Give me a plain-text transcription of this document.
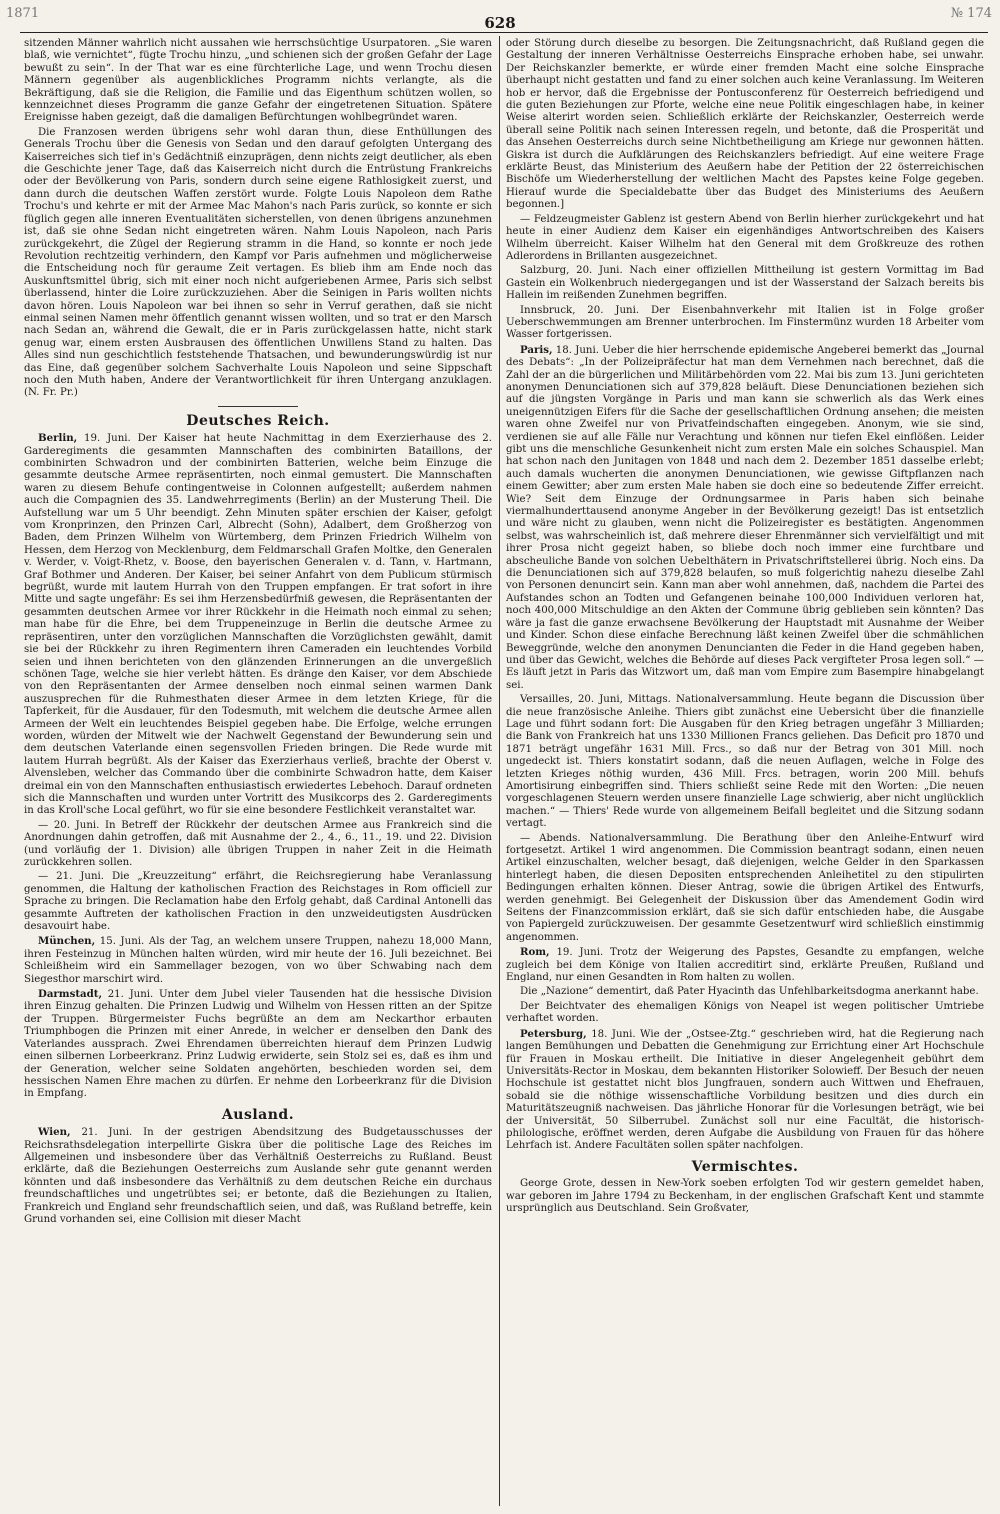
1871
628
№ 174

sitzenden Männer wahrlich nicht aussahen wie herrschsüchtige Usurpatoren. „Sie waren blaß, wie vernichtet“, fügte Trochu hinzu, „und schienen sich der großen Gefahr der Lage bewußt zu sein“. In der That war es eine fürchterliche Lage, und wenn Trochu diesen Männern gegenüber als augenblickliches Programm nichts verlangte, als die Bekräftigung, daß sie die Religion, die Familie und das Eigenthum schützen wollen, so kennzeichnet dieses Programm die ganze Gefahr der eingetretenen Situation. Spätere Ereignisse haben gezeigt, daß die damaligen Befürchtungen wohlbegründet waren.

Die Franzosen werden übrigens sehr wohl daran thun, diese Enthüllungen des Generals Trochu über die Genesis von Sedan und den darauf gefolgten Untergang des Kaiserreiches sich tief in's Gedächtniß einzuprägen, denn nichts zeigt deutlicher, als eben die Geschichte jener Tage, daß das Kaiserreich nicht durch die Entrüstung Frankreichs oder der Bevölkerung von Paris, sondern durch seine eigene Rathlosigkeit zuerst, und dann durch die deutschen Waffen zerstört wurde. Folgte Louis Napoleon dem Rathe Trochu's und kehrte er mit der Armee Mac Mahon's nach Paris zurück, so konnte er sich füglich gegen alle inneren Eventualitäten sicherstellen, von denen übrigens anzunehmen ist, daß sie ohne Sedan nicht eingetreten wären. Nahm Louis Napoleon, nach Paris zurückgekehrt, die Zügel der Regierung stramm in die Hand, so konnte er noch jede Revolution rechtzeitig verhindern, den Kampf vor Paris aufnehmen und möglicherweise die Entscheidung noch für geraume Zeit vertagen. Es blieb ihm am Ende noch das Auskunftsmittel übrig, sich mit einer noch nicht aufgeriebenen Armee, Paris sich selbst überlassend, hinter die Loire zurückzuziehen. Aber die Seinigen in Paris wollten nichts davon hören. Louis Napoleon war bei ihnen so sehr in Verruf gerathen, daß sie nicht einmal seinen Namen mehr öffentlich genannt wissen wollten, und so trat er den Marsch nach Sedan an, während die Gewalt, die er in Paris zurückgelassen hatte, nicht stark genug war, einem ersten Ausbrausen des öffentlichen Unwillens Stand zu halten. Das Alles sind nun geschichtlich feststehende Thatsachen, und bewunderungswürdig ist nur das Eine, daß gegenüber solchem Sachverhalte Louis Napoleon und seine Sippschaft noch den Muth haben, Andere der Verantwortlichkeit für ihren Untergang anzuklagen. (N. Fr. Pr.)

Deutsches Reich.

Berlin, 19. Juni. Der Kaiser hat heute Nachmittag in dem Exerzierhause des 2. Garderegiments die gesammten Mannschaften des combinirten Bataillons, der combinirten Schwadron und der combinirten Batterien, welche beim Einzuge die gesammte deutsche Armee repräsentirten, noch einmal gemustert. Die Mannschaften waren zu diesem Behufe contingentweise in Colonnen aufgestellt; außerdem nahmen auch die Compagnien des 35. Landwehrregiments (Berlin) an der Musterung Theil. Die Aufstellung war um 5 Uhr beendigt. Zehn Minuten später erschien der Kaiser, gefolgt vom Kronprinzen, den Prinzen Carl, Albrecht (Sohn), Adalbert, dem Großherzog von Baden, dem Prinzen Wilhelm von Würtemberg, dem Prinzen Friedrich Wilhelm von Hessen, dem Herzog von Mecklenburg, dem Feldmarschall Grafen Moltke, den Generalen v. Werder, v. Voigt-Rhetz, v. Boose, den bayerischen Generalen v. d. Tann, v. Hartmann, Graf Bothmer und Anderen. Der Kaiser, bei seiner Anfahrt von dem Publicum stürmisch begrüßt, wurde mit lautem Hurrah von den Truppen empfangen. Er trat sofort in ihre Mitte und sagte ungefähr: Es sei ihm Herzensbedürfniß gewesen, die Repräsentanten der gesammten deutschen Armee vor ihrer Rückkehr in die Heimath noch einmal zu sehen; man habe für die Ehre, bei dem Truppeneinzuge in Berlin die deutsche Armee zu repräsentiren, unter den vorzüglichen Mannschaften die Vorzüglichsten gewählt, damit sie bei der Rückkehr zu ihren Regimentern ihren Cameraden ein leuchtendes Vorbild seien und ihnen berichteten von den glänzenden Erinnerungen an die unvergeßlich schönen Tage, welche sie hier verlebt hätten. Es dränge den Kaiser, vor dem Abschiede von den Repräsentanten der Armee denselben noch einmal seinen warmen Dank auszusprechen für die Ruhmesthaten dieser Armee in dem letzten Kriege, für die Tapferkeit, für die Ausdauer, für den Todesmuth, mit welchem die deutsche Armee allen Armeen der Welt ein leuchtendes Beispiel gegeben habe. Die Erfolge, welche errungen worden, würden der Mitwelt wie der Nachwelt Gegenstand der Bewunderung sein und dem deutschen Vaterlande einen segensvollen Frieden bringen. Die Rede wurde mit lautem Hurrah begrüßt. Als der Kaiser das Exerzierhaus verließ, brachte der Oberst v. Alvensleben, welcher das Commando über die combinirte Schwadron hatte, dem Kaiser dreimal ein von den Mannschaften enthusiastisch erwiedertes Lebehoch. Darauf ordneten sich die Mannschaften und wurden unter Vortritt des Musikcorps des 2. Garderegiments in das Kroll'sche Local geführt, wo für sie eine besondere Festlichkeit veranstaltet war.

— 20. Juni. In Betreff der Rückkehr der deutschen Armee aus Frankreich sind die Anordnungen dahin getroffen, daß mit Ausnahme der 2., 4., 6., 11., 19. und 22. Division (und vorläufig der 1. Division) alle übrigen Truppen in naher Zeit in die Heimath zurückkehren sollen.

— 21. Juni. Die „Kreuzzeitung“ erfährt, die Reichsregierung habe Veranlassung genommen, die Haltung der katholischen Fraction des Reichstages in Rom officiell zur Sprache zu bringen. Die Reclamation habe den Erfolg gehabt, daß Cardinal Antonelli das gesammte Auftreten der katholischen Fraction in den unzweideutigsten Ausdrücken desavouirt habe.

München, 15. Juni. Als der Tag, an welchem unsere Truppen, nahezu 18,000 Mann, ihren Festeinzug in München halten würden, wird mir heute der 16. Juli bezeichnet. Bei Schleißheim wird ein Sammellager bezogen, von wo über Schwabing nach dem Siegesthor marschirt wird.

Darmstadt, 21. Juni. Unter dem Jubel vieler Tausenden hat die hessische Division ihren Einzug gehalten. Die Prinzen Ludwig und Wilhelm von Hessen ritten an der Spitze der Truppen. Bürgermeister Fuchs begrüßte an dem am Neckarthor erbauten Triumphbogen die Prinzen mit einer Anrede, in welcher er denselben den Dank des Vaterlandes aussprach. Zwei Ehrendamen überreichten hierauf dem Prinzen Ludwig einen silbernen Lorbeerkranz. Prinz Ludwig erwiderte, sein Stolz sei es, daß es ihm und der Generation, welcher seine Soldaten angehörten, beschieden worden sei, dem hessischen Namen Ehre machen zu dürfen. Er nehme den Lorbeerkranz für die Division in Empfang.

Ausland.

Wien, 21. Juni. In der gestrigen Abendsitzung des Budgetausschusses der Reichsrathsdelegation interpellirte Giskra über die politische Lage des Reiches im Allgemeinen und insbesondere über das Verhältniß Oesterreichs zu Rußland. Beust erklärte, daß die Beziehungen Oesterreichs zum Auslande sehr gute genannt werden könnten und daß insbesondere das Verhältniß zu dem deutschen Reiche ein durchaus freundschaftliches und ungetrübtes sei; er betonte, daß die Beziehungen zu Italien, Frankreich und England sehr freundschaftlich seien, und daß, was Rußland betreffe, kein Grund vorhanden sei, eine Collision mit dieser Macht

oder Störung durch dieselbe zu besorgen. Die Zeitungsnachricht, daß Rußland gegen die Gestaltung der inneren Verhältnisse Oesterreichs Einsprache erhoben habe, sei unwahr. Der Reichskanzler bemerkte, er würde einer fremden Macht eine solche Einsprache überhaupt nicht gestatten und fand zu einer solchen auch keine Veranlassung. Im Weiteren hob er hervor, daß die Ergebnisse der Pontusconferenz für Oesterreich befriedigend und die guten Beziehungen zur Pforte, welche eine neue Politik eingeschlagen habe, in keiner Weise alterirt worden seien. Schließlich erklärte der Reichskanzler, Oesterreich werde überall seine Politik nach seinen Interessen regeln, und betonte, daß die Prosperität und das Ansehen Oesterreichs durch seine Nichtbetheiligung am Kriege nur gewonnen hätten. Giskra ist durch die Aufklärungen des Reichskanzlers befriedigt. Auf eine weitere Frage erklärte Beust, das Ministerium des Aeußern habe der Petition der 22 österreichischen Bischöfe um Wiederherstellung der weltlichen Macht des Papstes keine Folge gegeben. Hierauf wurde die Specialdebatte über das Budget des Ministeriums des Aeußern begonnen.]

— Feldzeugmeister Gablenz ist gestern Abend von Berlin hierher zurückgekehrt und hat heute in einer Audienz dem Kaiser ein eigenhändiges Antwortschreiben des Kaisers Wilhelm überreicht. Kaiser Wilhelm hat den General mit dem Großkreuze des rothen Adlerordens in Brillanten ausgezeichnet.

Salzburg, 20. Juni. Nach einer offiziellen Mittheilung ist gestern Vormittag im Bad Gastein ein Wolkenbruch niedergegangen und ist der Wasserstand der Salzach bereits bis Hallein im reißenden Zunehmen begriffen.

Innsbruck, 20. Juni. Der Eisenbahnverkehr mit Italien ist in Folge großer Ueberschwemmungen am Brenner unterbrochen. Im Finstermünz wurden 18 Arbeiter vom Wasser fortgerissen.

Paris, 18. Juni. Ueber die hier herrschende epidemische Angeberei bemerkt das „Journal des Debats“: „In der Polizeipräfectur hat man dem Vernehmen nach berechnet, daß die Zahl der an die bürgerlichen und Militärbehörden vom 22. Mai bis zum 13. Juni gerichteten anonymen Denunciationen sich auf 379,828 beläuft. Diese Denunciationen beziehen sich auf die jüngsten Vorgänge in Paris und man kann sie schwerlich als das Werk eines uneigennützigen Eifers für die Sache der gesellschaftlichen Ordnung ansehen; die meisten waren ohne Zweifel nur von Privatfeindschaften eingegeben. Anonym, wie sie sind, verdienen sie auf alle Fälle nur Verachtung und können nur tiefen Ekel einflößen. Leider gibt uns die menschliche Gesunkenheit nicht zum ersten Male ein solches Schauspiel. Man hat schon nach den Junitagen von 1848 und nach dem 2. Dezember 1851 dasselbe erlebt; auch damals wucherten die anonymen Denunciationen, wie gewisse Giftpflanzen nach einem Gewitter; aber zum ersten Male haben sie doch eine so bedeutende Ziffer erreicht. Wie? Seit dem Einzuge der Ordnungsarmee in Paris haben sich beinahe viermalhunderttausend anonyme Angeber in der Bevölkerung gezeigt! Das ist entsetzlich und wäre nicht zu glauben, wenn nicht die Polizeiregister es bestätigten. Angenommen selbst, was wahrscheinlich ist, daß mehrere dieser Ehrenmänner sich vervielfältigt und mit ihrer Prosa nicht gegeizt haben, so bliebe doch noch immer eine furchtbare und abscheuliche Bande von solchen Uebelthätern in Privatschriftstellerei übrig. Noch eins. Da die Denunciationen sich auf 379,828 belaufen, so muß folgerichtig nahezu dieselbe Zahl von Personen denuncirt sein. Kann man aber wohl annehmen, daß, nachdem die Partei des Aufstandes schon an Todten und Gefangenen beinahe 100,000 Individuen verloren hat, noch 400,000 Mitschuldige an den Akten der Commune übrig geblieben sein könnten? Das wäre ja fast die ganze erwachsene Bevölkerung der Hauptstadt mit Ausnahme der Weiber und Kinder. Schon diese einfache Berechnung läßt keinen Zweifel über die schmählichen Beweggründe, welche den anonymen Denuncianten die Feder in die Hand gegeben haben, und über das Gewicht, welches die Behörde auf dieses Pack vergifteter Prosa legen soll.“ — Es läuft jetzt in Paris das Witzwort um, daß man vom Empire zum Basempire hinabgelangt sei.

Versailles, 20. Juni, Mittags. Nationalversammlung. Heute begann die Discussion über die neue französische Anleihe. Thiers gibt zunächst eine Uebersicht über die finanzielle Lage und führt sodann fort: Die Ausgaben für den Krieg betragen ungefähr 3 Milliarden; die Bank von Frankreich hat uns 1330 Millionen Francs geliehen. Das Deficit pro 1870 und 1871 beträgt ungefähr 1631 Mill. Frcs., so daß nur der Betrag von 301 Mill. noch ungedeckt ist. Thiers konstatirt sodann, daß die neuen Auflagen, welche in Folge des letzten Krieges nöthig wurden, 436 Mill. Frcs. betragen, worin 200 Mill. behufs Amortisirung einbegriffen sind. Thiers schließt seine Rede mit den Worten: „Die neuen vorgeschlagenen Steuern werden unsere finanzielle Lage schwierig, aber nicht unglücklich machen.“ — Thiers' Rede wurde von allgemeinem Beifall begleitet und die Sitzung sodann vertagt.

— Abends. Nationalversammlung. Die Berathung über den Anleihe-Entwurf wird fortgesetzt. Artikel 1 wird angenommen. Die Commission beantragt sodann, einen neuen Artikel einzuschalten, welcher besagt, daß diejenigen, welche Gelder in den Sparkassen hinterlegt haben, die diesen Depositen entsprechenden Anleihetitel zu den stipulirten Bedingungen erhalten können. Dieser Antrag, sowie die übrigen Artikel des Entwurfs, werden genehmigt. Bei Gelegenheit der Diskussion über das Amendement Godin wird Seitens der Finanzcommission erklärt, daß sie sich dafür entschieden habe, die Ausgabe von Papiergeld zurückzuweisen. Der gesammte Gesetzentwurf wird schließlich einstimmig angenommen.

Rom, 19. Juni. Trotz der Weigerung des Papstes, Gesandte zu empfangen, welche zugleich bei dem Könige von Italien accreditirt sind, erklärte Preußen, Rußland und England, nur einen Gesandten in Rom halten zu wollen.

Die „Nazione“ dementirt, daß Pater Hyacinth das Unfehlbarkeitsdogma anerkannt habe.

Der Beichtvater des ehemaligen Königs von Neapel ist wegen politischer Umtriebe verhaftet worden.

Petersburg, 18. Juni. Wie der „Ostsee-Ztg.“ geschrieben wird, hat die Regierung nach langen Bemühungen und Debatten die Genehmigung zur Errichtung einer Art Hochschule für Frauen in Moskau ertheilt. Die Initiative in dieser Angelegenheit gebührt dem Universitäts-Rector in Moskau, dem bekannten Historiker Solowieff. Der Besuch der neuen Hochschule ist gestattet nicht blos Jungfrauen, sondern auch Wittwen und Ehefrauen, sobald sie die nöthige wissenschaftliche Vorbildung besitzen und dies durch ein Maturitätszeugniß nachweisen. Das jährliche Honorar für die Vorlesungen beträgt, wie bei der Universität, 50 Silberrubel. Zunächst soll nur eine Facultät, die historisch-philologische, eröffnet werden, deren Aufgabe die Ausbildung von Frauen für das höhere Lehrfach ist. Andere Facultäten sollen später nachfolgen.

Vermischtes.

George Grote, dessen in New-York soeben erfolgten Tod wir gestern gemeldet haben, war geboren im Jahre 1794 zu Beckenham, in der englischen Grafschaft Kent und stammte ursprünglich aus Deutschland. Sein Großvater,
